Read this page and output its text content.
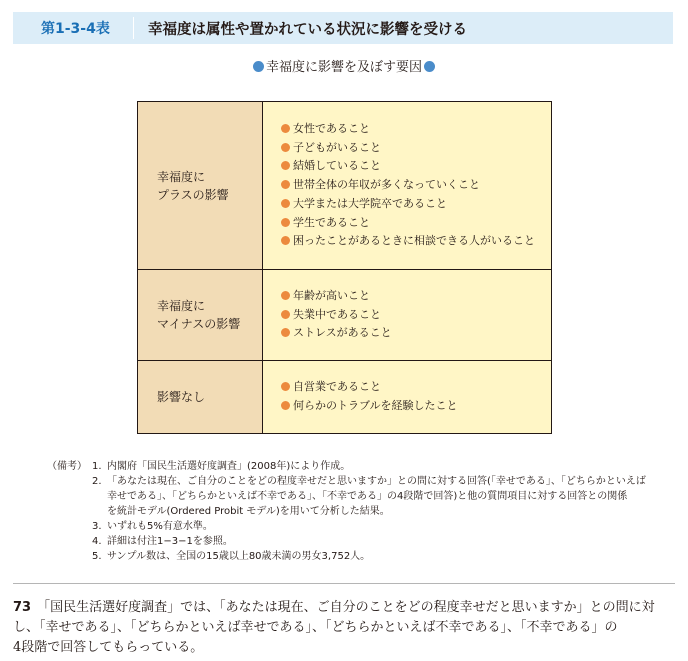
第1-3-4表	幸福度は属性や置かれている状況に影響を受ける
幸福度に影響を及ぼす要因
幸福度に
プラスの影響
女性であること
子どもがいること
結婚していること
世帯全体の年収が多くなっていくこと
大学または大学院卒であること
学生であること
困ったことがあるときに相談できる人がいること
幸福度に
マイナスの影響
年齢が高いこと
失業中であること
ストレスがあること
影響なし
自営業であること
何らかのトラブルを経験したこと
（備考） 1. 内閣府「国民生活選好度調査」(2008年)により作成。
2. 「あなたは現在、ご自分のことをどの程度幸せだと思いますか」との問に対する回答(「幸せである」、「どちらかといえば
幸せである」、「どちらかといえば不幸である」、「不幸である」の4段階で回答)と他の質問項目に対する回答との関係
を統計モデル(Ordered Probit モデル)を用いて分析した結果。
3. いずれも5%有意水準。
4. 詳細は付注1−3−1を参照。
5. サンプル数は、全国の15歳以上80歳未満の男女3,752人。
73 「国民生活選好度調査」では、「あなたは現在、ご自分のことをどの程度幸せだと思いますか」との問に対
し、「幸せである」、「どちらかといえば幸せである」、「どちらかといえば不幸である」、「不幸である」の
4段階で回答してもらっている。
